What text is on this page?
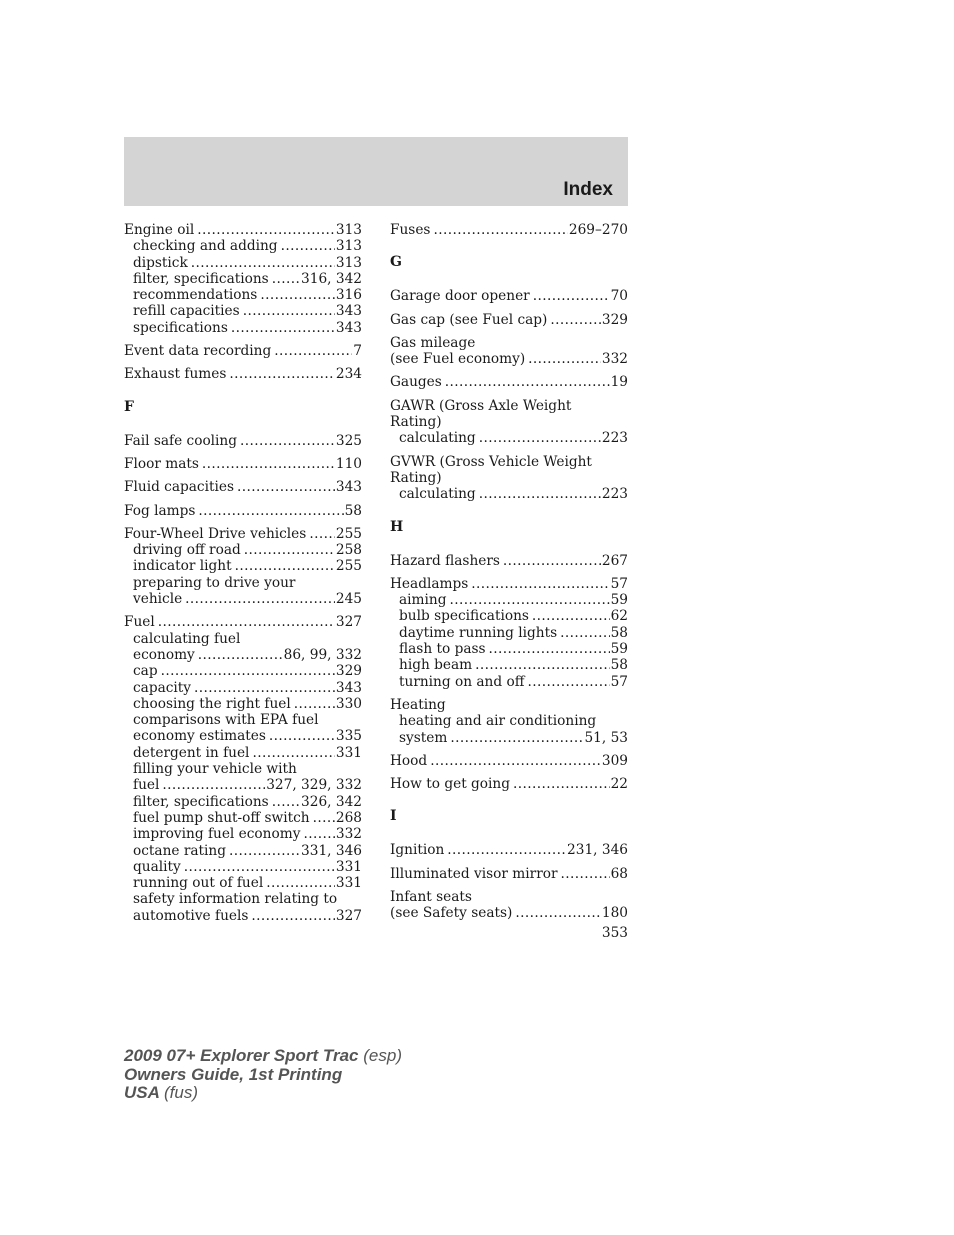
Index
Engine oil .....	313
checking and adding .....	313
dipstick .....	313
filter, specifications ..... 316, 342
recommendations .....	316
refill capacities .....	343
specifications .....	343
Event data recording .....	7
Exhaust fumes .....	234
F
Fail safe cooling .....	325
Floor mats .....	110
Fluid capacities .....	343
Fog lamps .....	58
Four-Wheel Drive vehicles ..... 255
driving off road .....	258
indicator light .....	255
preparing to drive your
vehicle .....	245
Fuel .....	327
calculating fuel
economy .....	86, 99, 332
cap .....	329
capacity .....	343
choosing the right fuel .....	330
comparisons with EPA fuel
economy estimates .....	335
detergent in fuel .....	331
filling your vehicle with
fuel .....	327, 329, 332
filter, specifications ..... 326, 342
fuel pump shut-off switch ..... 268
improving fuel economy .....	332
octane rating .....	331, 346
quality .....	331
running out of fuel .....	331
safety information relating to
automotive fuels .....	327
Fuses .....	269–270
G
Garage door opener .....	70
Gas cap (see Fuel cap) .....	329
Gas mileage
(see Fuel economy) .....	332
Gauges .....	19
GAWR (Gross Axle Weight
Rating)
calculating .....	223
GVWR (Gross Vehicle Weight
Rating)
calculating .....	223
H
Hazard flashers .....	267
Headlamps .....	57
aiming .....	59
bulb specifications .....	62
daytime running lights .....	58
flash to pass .....	59
high beam .....	58
turning on and off .....	57
Heating
heating and air conditioning
system .....	51, 53
Hood .....	309
How to get going .....	22
I
Ignition .....	231, 346
Illuminated visor mirror .....	68
Infant seats
(see Safety seats) .....	180
353
2009 07+ Explorer Sport Trac (esp)
Owners Guide, 1st Printing
USA (fus)
